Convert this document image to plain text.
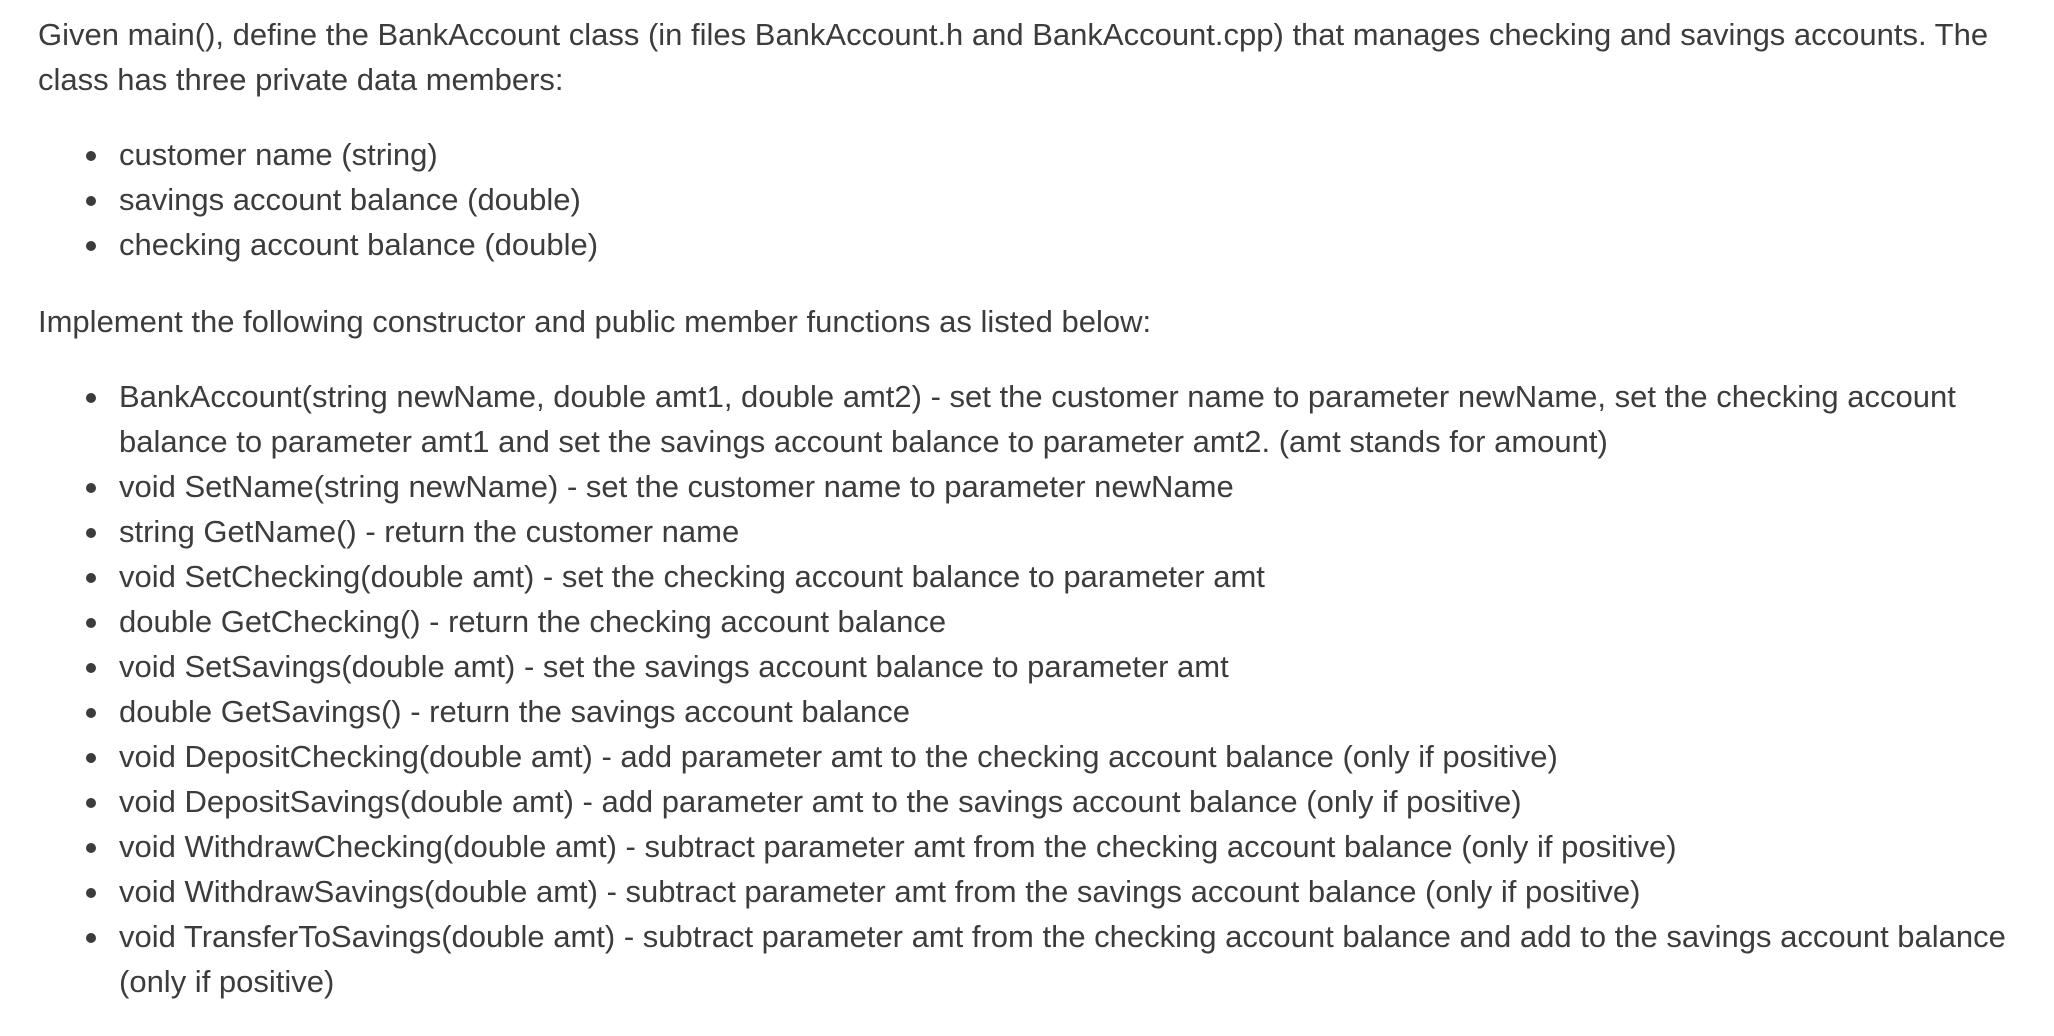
Given main(), define the BankAccount class (in files BankAccount.h and BankAccount.cpp) that manages checking and savings accounts. The class has three private data members:

customer name (string)
savings account balance (double)
checking account balance (double)

Implement the following constructor and public member functions as listed below:

BankAccount(string newName, double amt1, double amt2) - set the customer name to parameter newName, set the checking account balance to parameter amt1 and set the savings account balance to parameter amt2. (amt stands for amount)
void SetName(string newName) - set the customer name to parameter newName
string GetName() - return the customer name
void SetChecking(double amt) - set the checking account balance to parameter amt
double GetChecking() - return the checking account balance
void SetSavings(double amt) - set the savings account balance to parameter amt
double GetSavings() - return the savings account balance
void DepositChecking(double amt) - add parameter amt to the checking account balance (only if positive)
void DepositSavings(double amt) - add parameter amt to the savings account balance (only if positive)
void WithdrawChecking(double amt) - subtract parameter amt from the checking account balance (only if positive)
void WithdrawSavings(double amt) - subtract parameter amt from the savings account balance (only if positive)
void TransferToSavings(double amt) - subtract parameter amt from the checking account balance and add to the savings account balance (only if positive)
